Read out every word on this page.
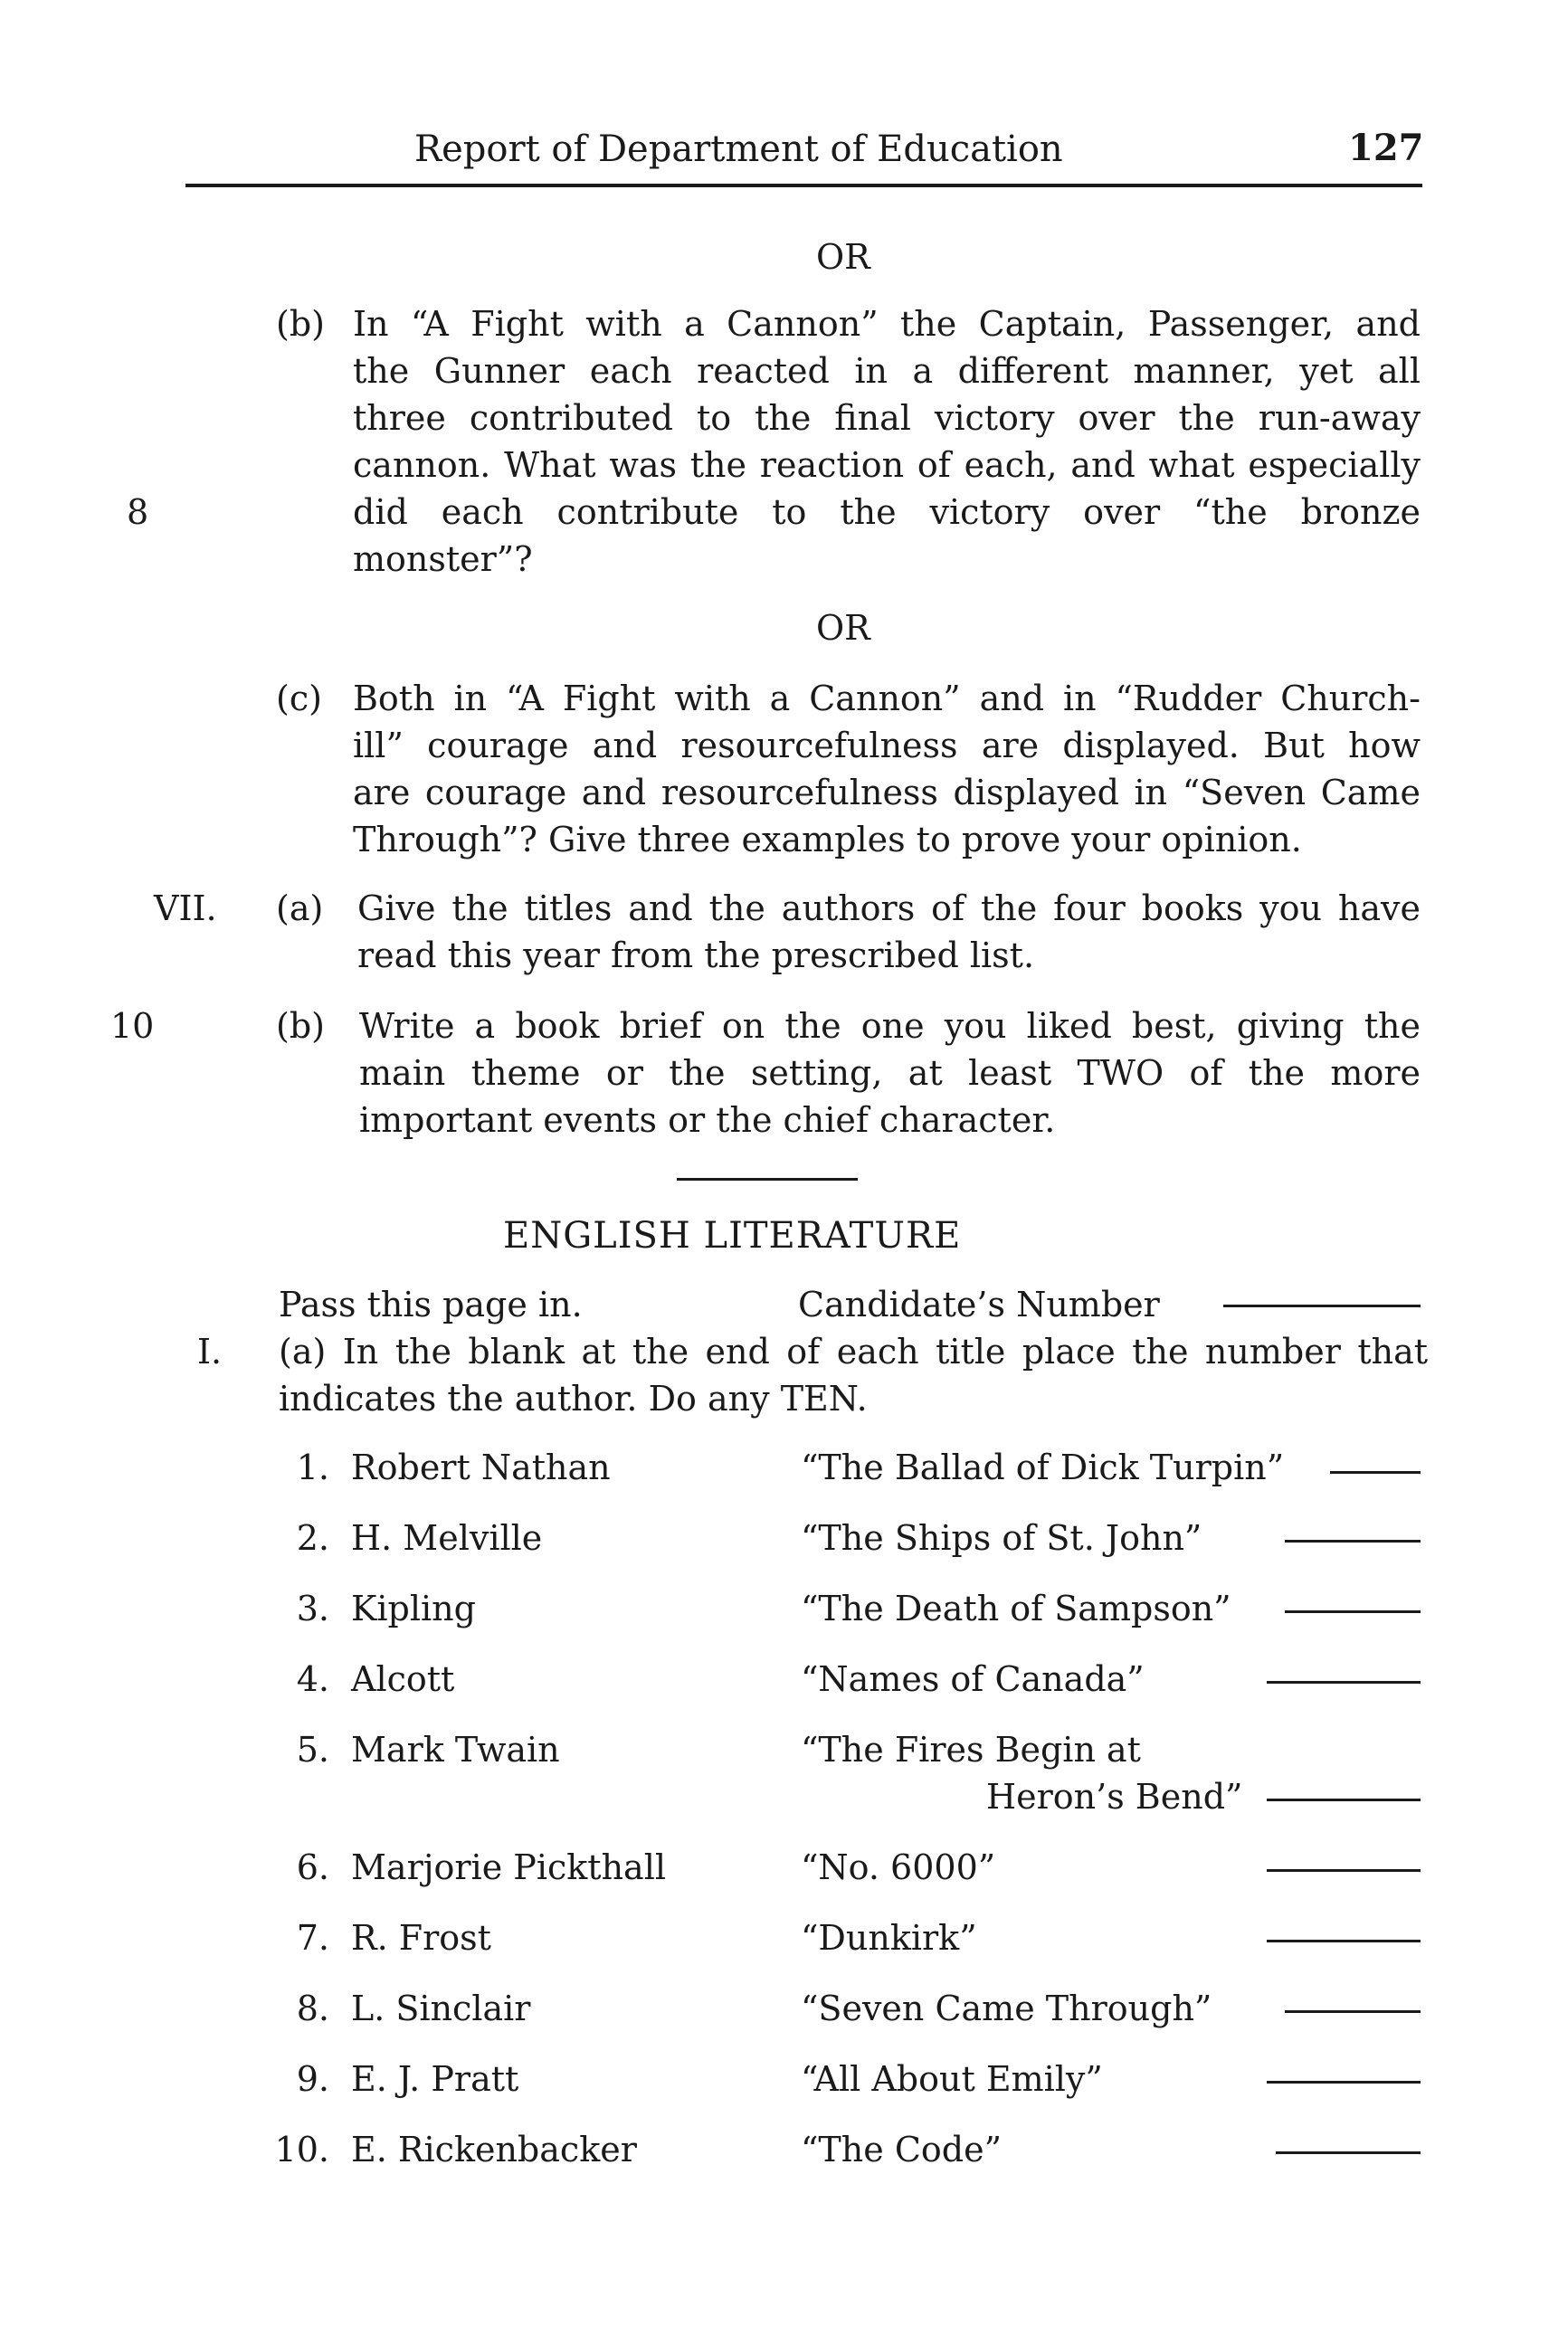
Report of Department of Education	127
OR
(b) In “A Fight with a Cannon” the Captain, Passenger, and
the Gunner each reacted in a different manner, yet all
three contributed to the final victory over the run-away
cannon. What was the reaction of each, and what especially
8	did each contribute to the victory over “the bronze
monster”?
OR
(c) Both in “A Fight with a Cannon” and in “Rudder Church-
ill” courage and resourcefulness are displayed. But how
are courage and resourcefulness displayed in “Seven Came
Through”? Give three examples to prove your opinion.
VII. (a) Give the titles and the authors of the four books you have
read this year from the prescribed list.
10	(b) Write a book brief on the one you liked best, giving the
main theme or the setting, at least TWO of the more
important events or the chief character.
ENGLISH LITERATURE
Pass this page in.	Candidate’s Number
I. (a) In the blank at the end of each title place the number that
indicates the author. Do any TEN.
1. Robert Nathan	“The Ballad of Dick Turpin”
2. H. Melville	“The Ships of St. John”
3. Kipling	“The Death of Sampson”
4. Alcott	“Names of Canada”
5. Mark Twain	“The Fires Begin at
Heron’s Bend”
6. Marjorie Pickthall	“No. 6000”
7. R. Frost	“Dunkirk”
8. L. Sinclair	“Seven Came Through”
9. E. J. Pratt	“All About Emily”
10. E. Rickenbacker	“The Code”
